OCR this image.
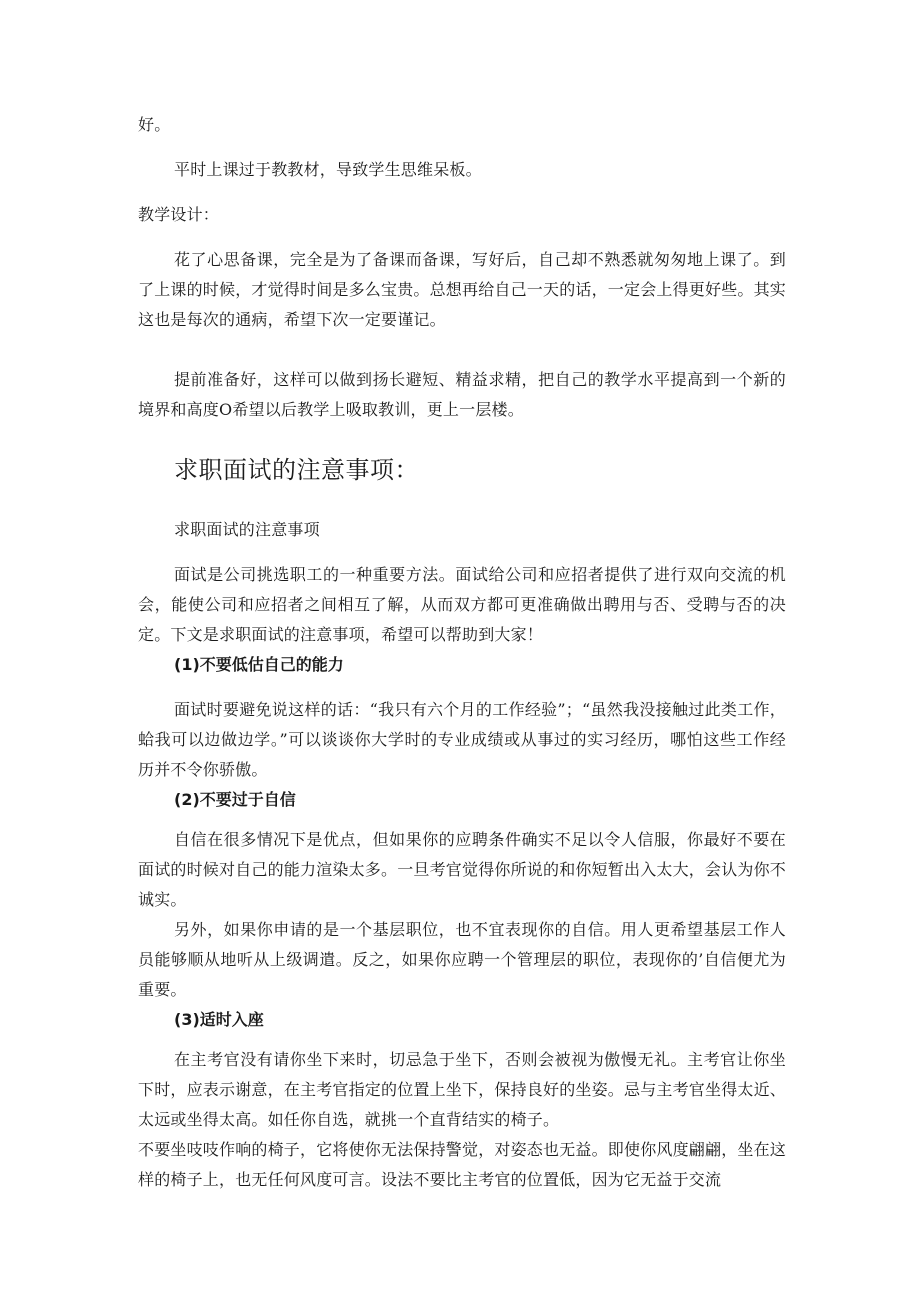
好。

平时上课过于教教材，导致学生思维呆板。

教学设计：

花了心思备课，完全是为了备课而备课，写好后，自己却不熟悉就匆匆地上课了。到了上课的时候，才觉得时间是多么宝贵。总想再给自己一天的话，一定会上得更好些。其实这也是每次的通病，希望下次一定要谨记。

提前准备好，这样可以做到扬长避短、精益求精，把自己的教学水平提高到一个新的境界和高度O希望以后教学上吸取教训，更上一层楼。

求职面试的注意事项：

求职面试的注意事项

面试是公司挑选职工的一种重要方法。面试给公司和应招者提供了进行双向交流的机会，能使公司和应招者之间相互了解，从而双方都可更准确做出聘用与否、受聘与否的决定。下文是求职面试的注意事项，希望可以帮助到大家！

(1)不要低估自己的能力

面试时要避免说这样的话：“我只有六个月的工作经验”；“虽然我没接触过此类工作，蛤我可以边做边学。”可以谈谈你大学时的专业成绩或从事过的实习经历，哪怕这些工作经历并不令你骄傲。

(2)不要过于自信

自信在很多情况下是优点，但如果你的应聘条件确实不足以令人信服，你最好不要在面试的时候对自己的能力渲染太多。一旦考官觉得你所说的和你短暂出入太大，会认为你不诚实。

另外，如果你申请的是一个基层职位，也不宜表现你的自信。用人更希望基层工作人员能够顺从地听从上级调遣。反之，如果你应聘一个管理层的职位，表现你的’自信便尤为重要。

(3)适时入座

在主考官没有请你坐下来时，切忌急于坐下，否则会被视为傲慢无礼。主考官让你坐下时，应表示谢意，在主考官指定的位置上坐下，保持良好的坐姿。忌与主考官坐得太近、太远或坐得太高。如任你自选，就挑一个直背结实的椅子。

不要坐吱吱作响的椅子，它将使你无法保持警觉，对姿态也无益。即使你风度翩翩，坐在这样的椅子上，也无任何风度可言。设法不要比主考官的位置低，因为它无益于交流
